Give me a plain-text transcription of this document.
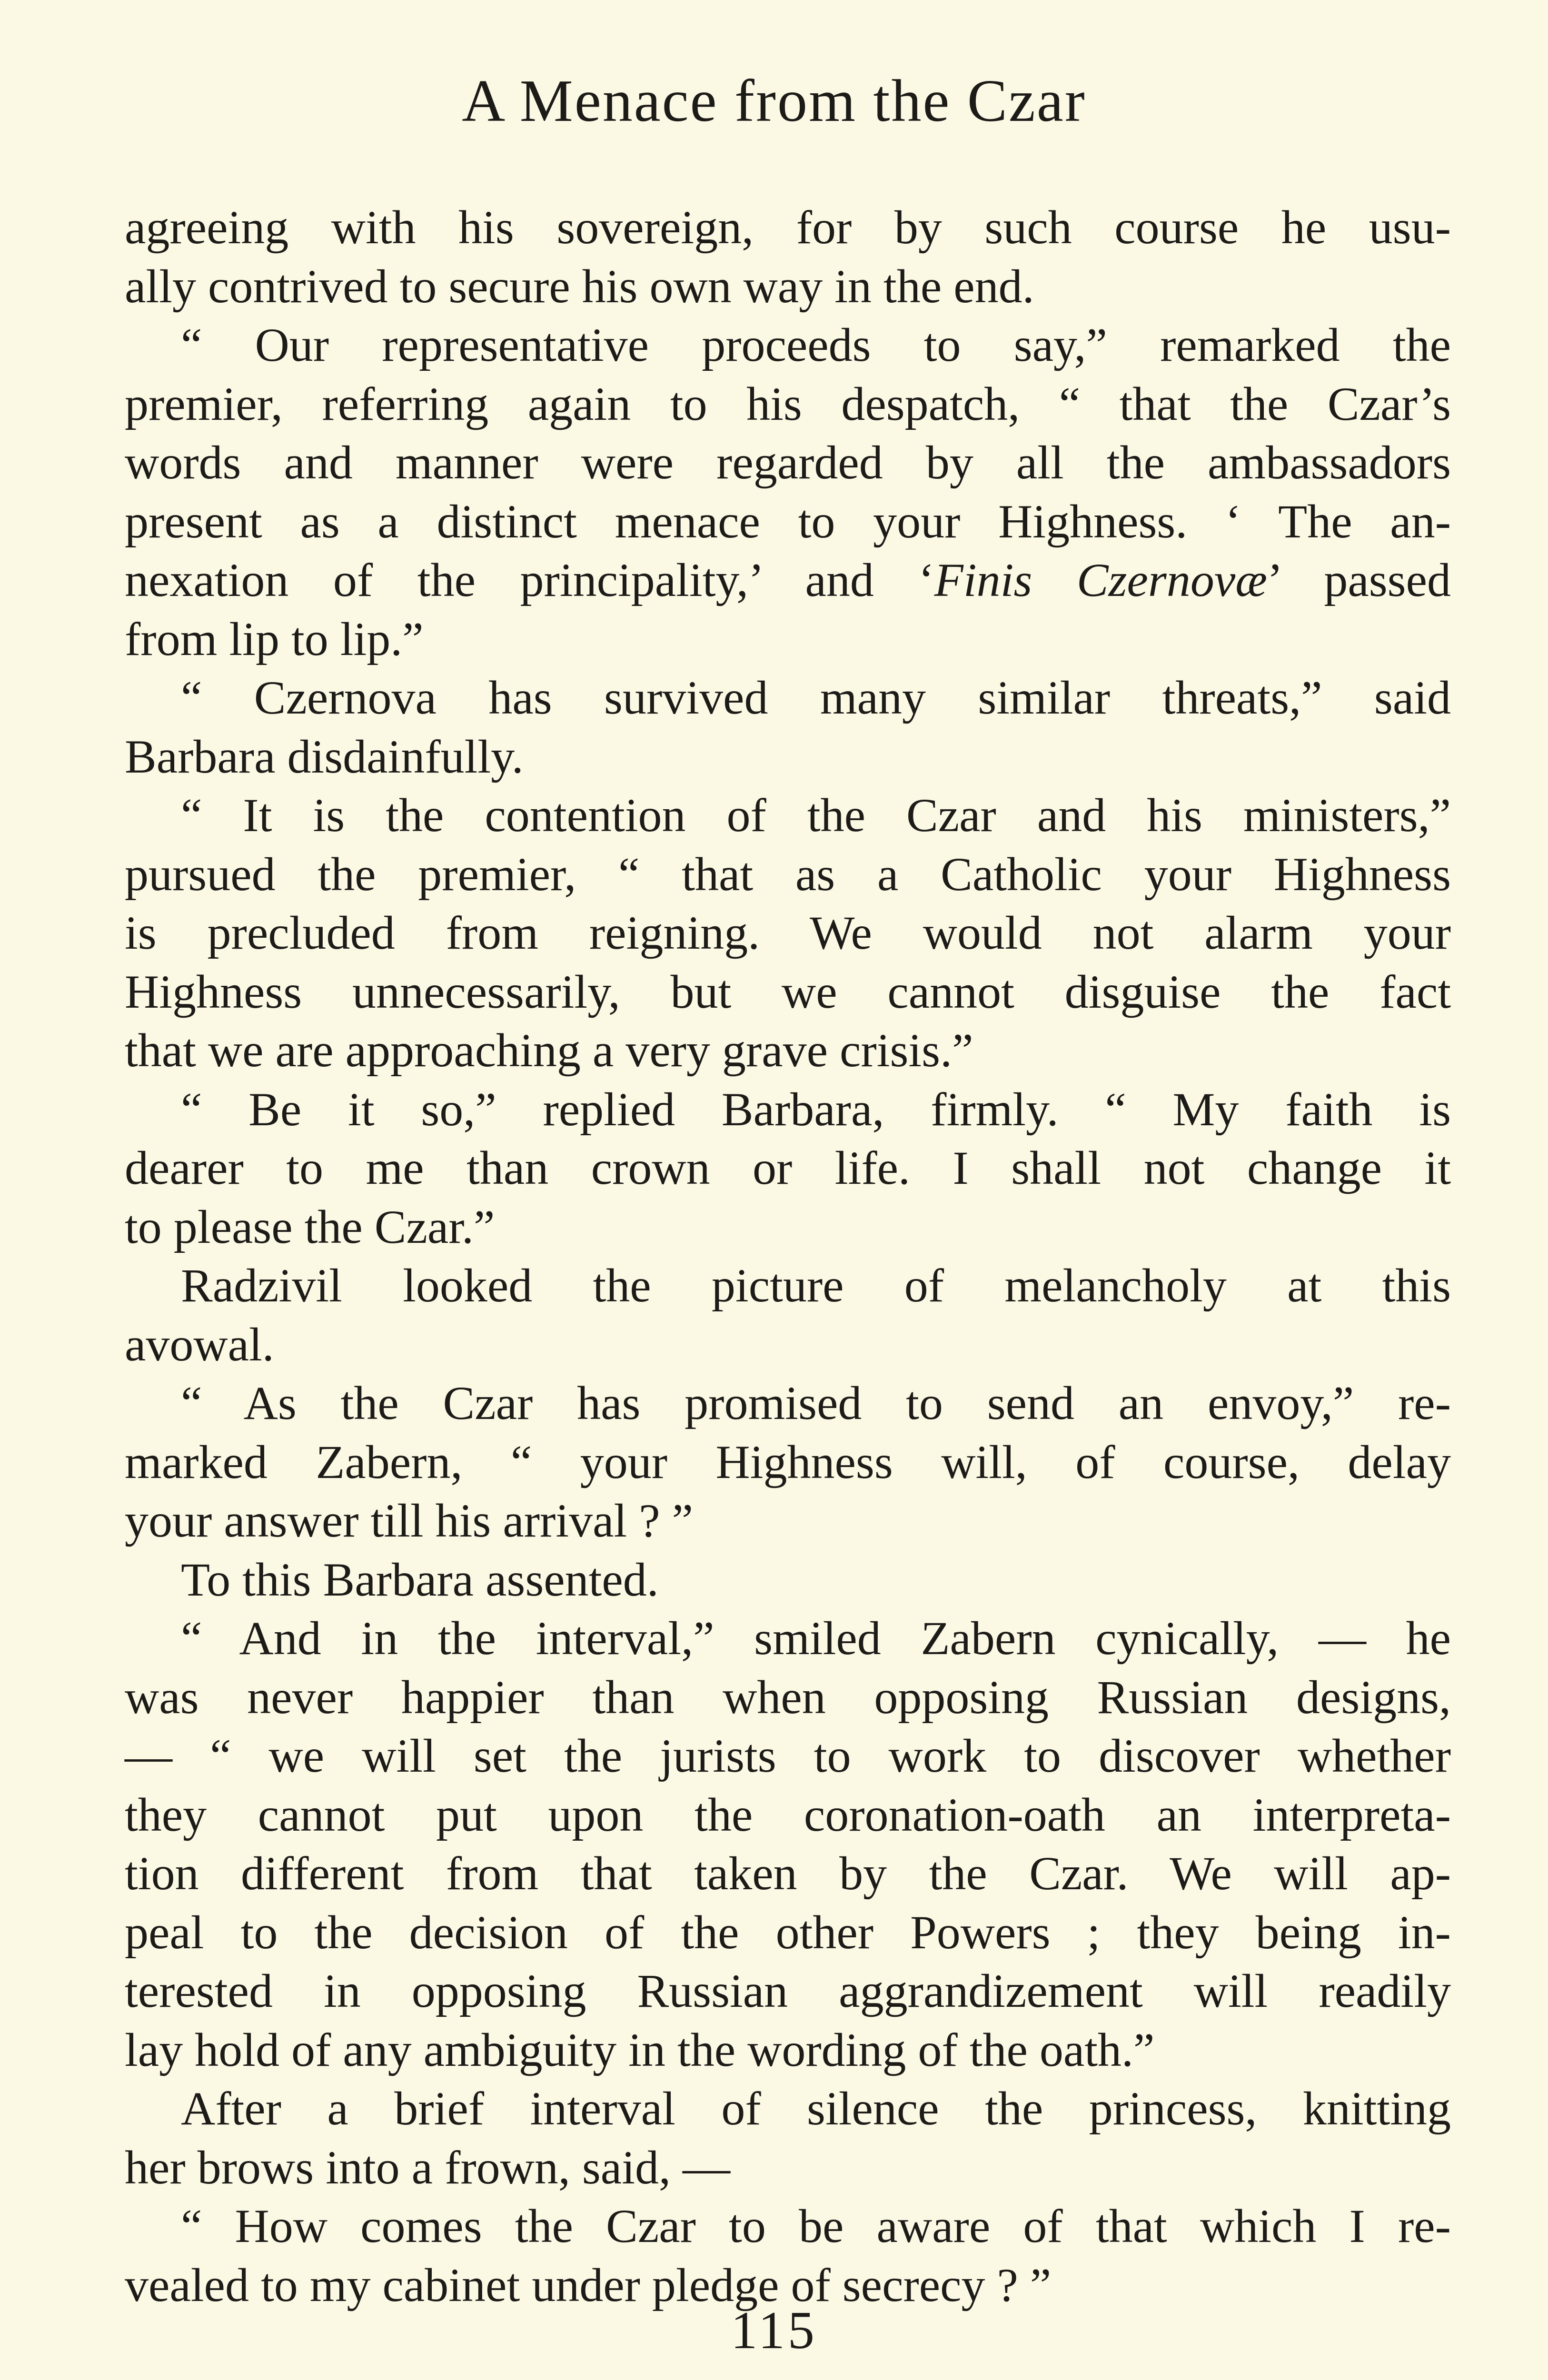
A Menace from the Czar
agreeing with his sovereign, for by such course he usu-
ally contrived to secure his own way in the end.
“ Our representative proceeds to say,” remarked the
premier, referring again to his despatch, “ that the Czar’s
words and manner were regarded by all the ambassadors
present as a distinct menace to your Highness. ‘ The an-
nexation of the principality,’ and ‘Finis Czernovæ’ passed
from lip to lip.”
“ Czernova has survived many similar threats,” said
Barbara disdainfully.
“ It is the contention of the Czar and his ministers,”
pursued the premier, “ that as a Catholic your Highness
is precluded from reigning. We would not alarm your
Highness unnecessarily, but we cannot disguise the fact
that we are approaching a very grave crisis.”
“ Be it so,” replied Barbara, firmly. “ My faith is
dearer to me than crown or life. I shall not change it
to please the Czar.”
Radzivil looked the picture of melancholy at this
avowal.
“ As the Czar has promised to send an envoy,” re-
marked Zabern, “ your Highness will, of course, delay
your answer till his arrival ? ”
To this Barbara assented.
“ And in the interval,” smiled Zabern cynically, — he
was never happier than when opposing Russian designs,
— “ we will set the jurists to work to discover whether
they cannot put upon the coronation-oath an interpreta-
tion different from that taken by the Czar. We will ap-
peal to the decision of the other Powers ; they being in-
terested in opposing Russian aggrandizement will readily
lay hold of any ambiguity in the wording of the oath.”
After a brief interval of silence the princess, knitting
her brows into a frown, said, —
“ How comes the Czar to be aware of that which I re-
vealed to my cabinet under pledge of secrecy ? ”
115
